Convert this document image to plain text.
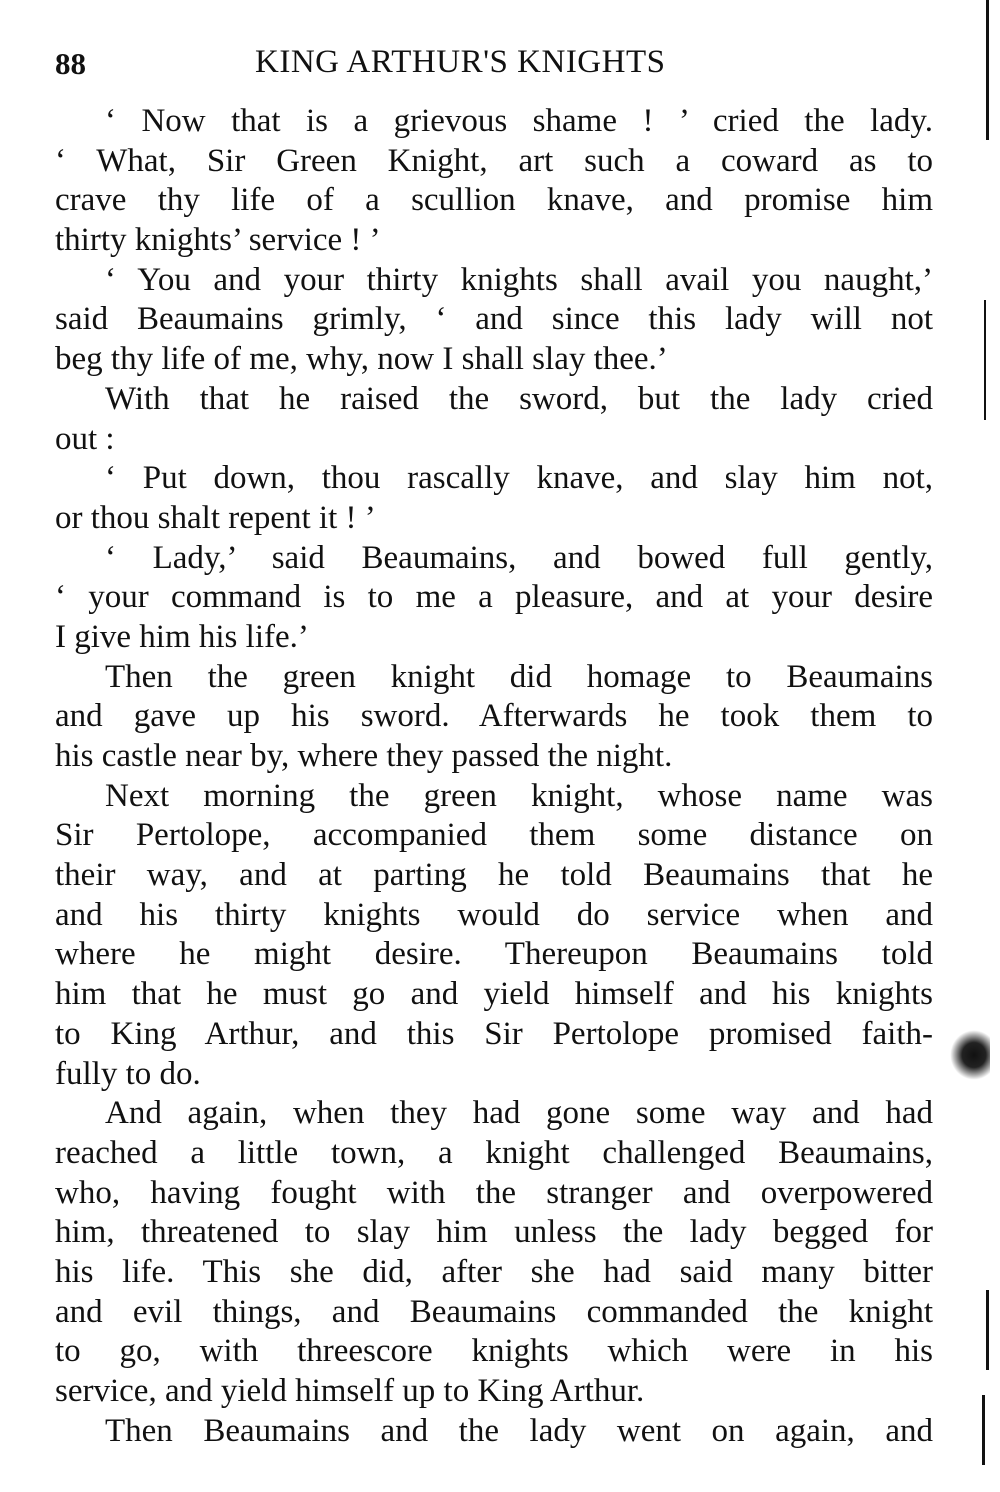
88	KING ARTHUR'S KNIGHTS
‘ Now that is a grievous shame ! ’ cried the lady.
‘ What, Sir Green Knight, art such a coward as to
crave thy life of a scullion knave, and promise him
thirty knights’ service ! ’
‘ You and your thirty knights shall avail you naught,’
said Beaumains grimly, ‘ and since this lady will not
beg thy life of me, why, now I shall slay thee.’
With that he raised the sword, but the lady cried
out :
‘ Put down, thou rascally knave, and slay him not,
or thou shalt repent it ! ’
‘ Lady,’ said Beaumains, and bowed full gently,
‘ your command is to me a pleasure, and at your desire
I give him his life.’
Then the green knight did homage to Beaumains
and gave up his sword. Afterwards he took them to
his castle near by, where they passed the night.
Next morning the green knight, whose name was
Sir Pertolope, accompanied them some distance on
their way, and at parting he told Beaumains that he
and his thirty knights would do service when and
where he might desire. Thereupon Beaumains told
him that he must go and yield himself and his knights
to King Arthur, and this Sir Pertolope promised faith-
fully to do.
And again, when they had gone some way and had
reached a little town, a knight challenged Beaumains,
who, having fought with the stranger and overpowered
him, threatened to slay him unless the lady begged for
his life. This she did, after she had said many bitter
and evil things, and Beaumains commanded the knight
to go, with threescore knights which were in his
service, and yield himself up to King Arthur.
Then Beaumains and the lady went on again, and
